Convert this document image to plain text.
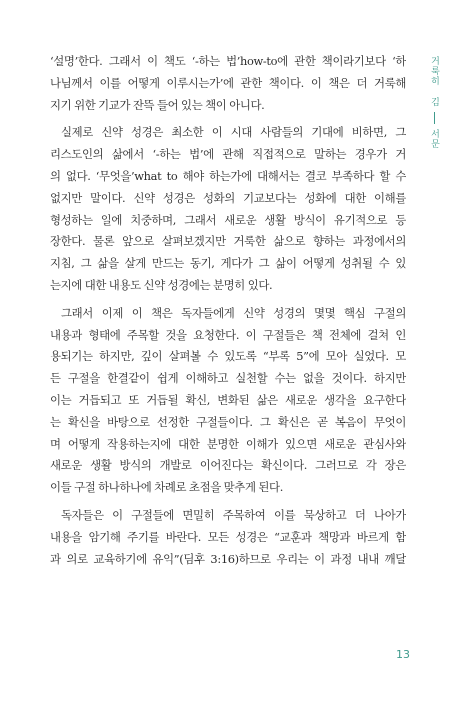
‘설명’한다. 그래서 이 책도 ‘-하는 법’how-to에 관한 책이라기보다 ‘하
나님께서 이를 어떻게 이루시는가’에 관한 책이다. 이 책은 더 거룩해
지기 위한 기교가 잔뜩 들어 있는 책이 아니다.
실제로 신약 성경은 최소한 이 시대 사람들의 기대에 비하면, 그
리스도인의 삶에서 ‘-하는 법’에 관해 직접적으로 말하는 경우가 거
의 없다. ‘무엇을’what to 해야 하는가에 대해서는 결코 부족하다 할 수
없지만 말이다. 신약 성경은 성화의 기교보다는 성화에 대한 이해를
형성하는 일에 치중하며, 그래서 새로운 생활 방식이 유기적으로 등
장한다. 물론 앞으로 살펴보겠지만 거룩한 삶으로 향하는 과정에서의
지침, 그 삶을 살게 만드는 동기, 게다가 그 삶이 어떻게 성취될 수 있
는지에 대한 내용도 신약 성경에는 분명히 있다.
그래서 이제 이 책은 독자들에게 신약 성경의 몇몇 핵심 구절의
내용과 형태에 주목할 것을 요청한다. 이 구절들은 책 전체에 걸쳐 인
용되기는 하지만, 깊이 살펴볼 수 있도록 “부록 5”에 모아 실었다. 모
든 구절을 한결같이 쉽게 이해하고 실천할 수는 없을 것이다. 하지만
이는 거듭되고 또 거듭될 확신, 변화된 삶은 새로운 생각을 요구한다
는 확신을 바탕으로 선정한 구절들이다. 그 확신은 곧 복음이 무엇이
며 어떻게 작용하는지에 대한 분명한 이해가 있으면 새로운 관심사와
새로운 생활 방식의 개발로 이어진다는 확신이다. 그러므로 각 장은
이들 구절 하나하나에 차례로 초점을 맞추게 된다.
독자들은 이 구절들에 면밀히 주목하여 이를 묵상하고 더 나아가
내용을 암기해 주기를 바란다. 모든 성경은 “교훈과 책망과 바르게 함
과 의로 교육하기에 유익”(딤후 3:16)하므로 우리는 이 과정 내내 깨달
거룩히 김
서문
13
